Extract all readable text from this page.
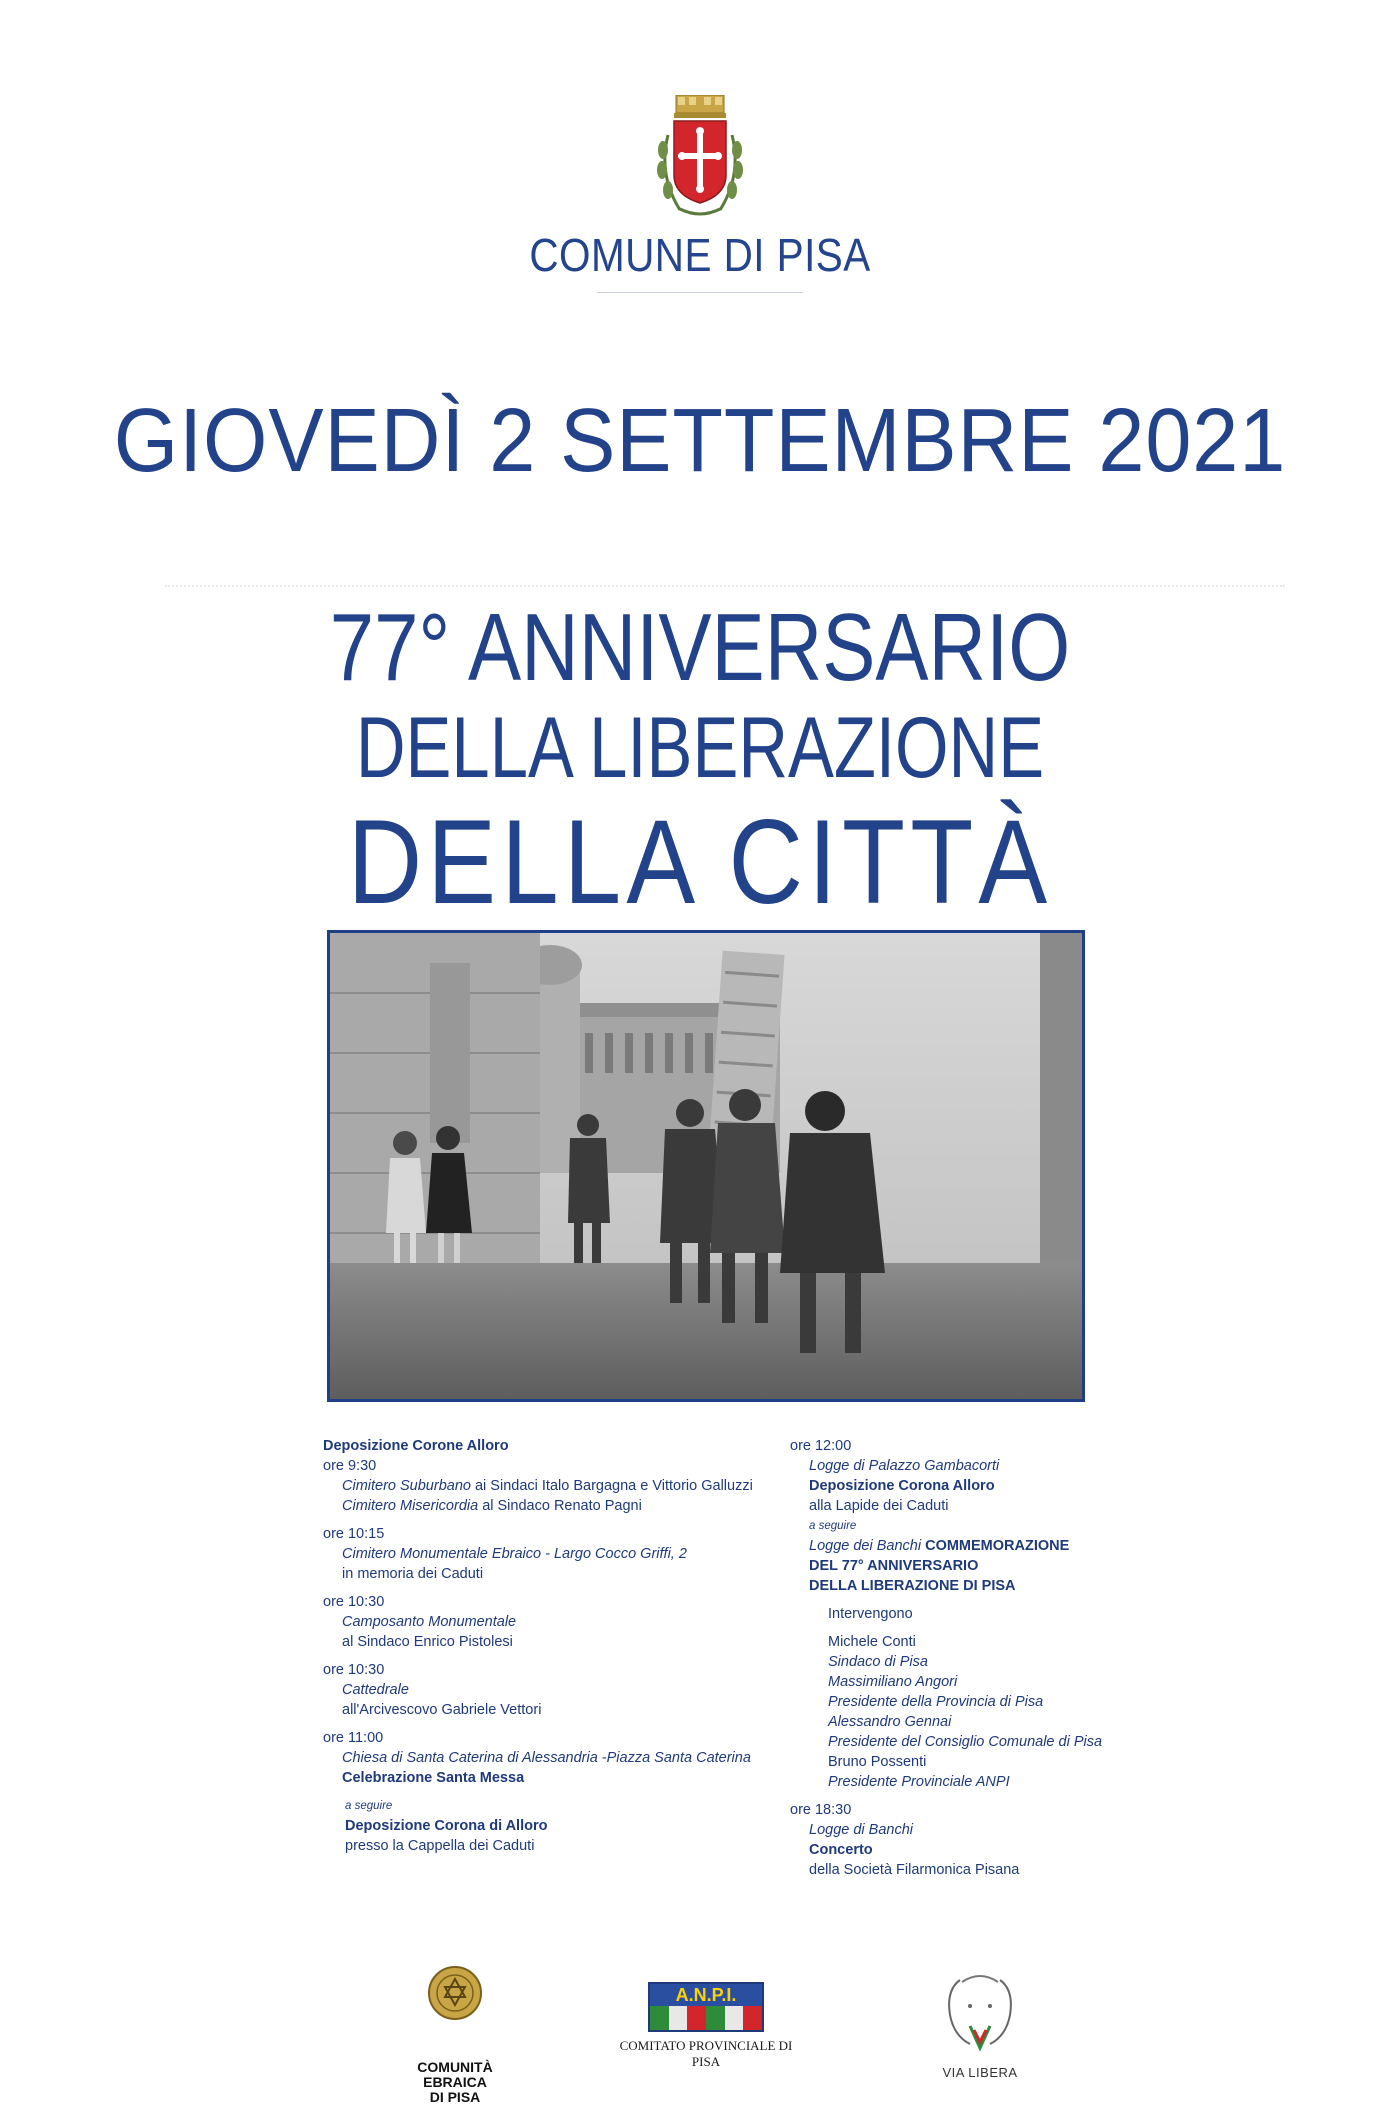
COMUNE DI PISA
GIOVEDÌ 2 SETTEMBRE 2021
77° ANNIVERSARIO
DELLA LIBERAZIONE
DELLA CITTÀ
Deposizione Corone Alloro
ore 9:30
Cimitero Suburbano ai Sindaci Italo Bargagna e Vittorio Galluzzi
Cimitero Misericordia al Sindaco Renato Pagni
ore 10:15
Cimitero Monumentale Ebraico - Largo Cocco Griffi, 2
in memoria dei Caduti
ore 10:30
Camposanto Monumentale
al Sindaco Enrico Pistolesi
ore 10:30
Cattedrale
all'Arcivescovo Gabriele Vettori
ore 11:00
Chiesa di Santa Caterina di Alessandria -Piazza Santa Caterina
Celebrazione Santa Messa
a seguire
Deposizione Corona di Alloro
presso la Cappella dei Caduti
ore 12:00
Logge di Palazzo Gambacorti
Deposizione Corona Alloro
alla Lapide dei Caduti
a seguire
Logge dei Banchi COMMEMORAZIONE
DEL 77° ANNIVERSARIO
DELLA LIBERAZIONE DI PISA
Intervengono
Michele Conti
Sindaco di Pisa
Massimiliano Angori
Presidente della Provincia di Pisa
Alessandro Gennai
Presidente del Consiglio Comunale di Pisa
Bruno Possenti
Presidente Provinciale ANPI
ore 18:30
Logge di Banchi
Concerto
della Società Filarmonica Pisana
COMUNITÀ
EBRAICA
DI PISA
A.N.P.I.
COMITATO PROVINCIALE DI PISA
VIA LIBERA
